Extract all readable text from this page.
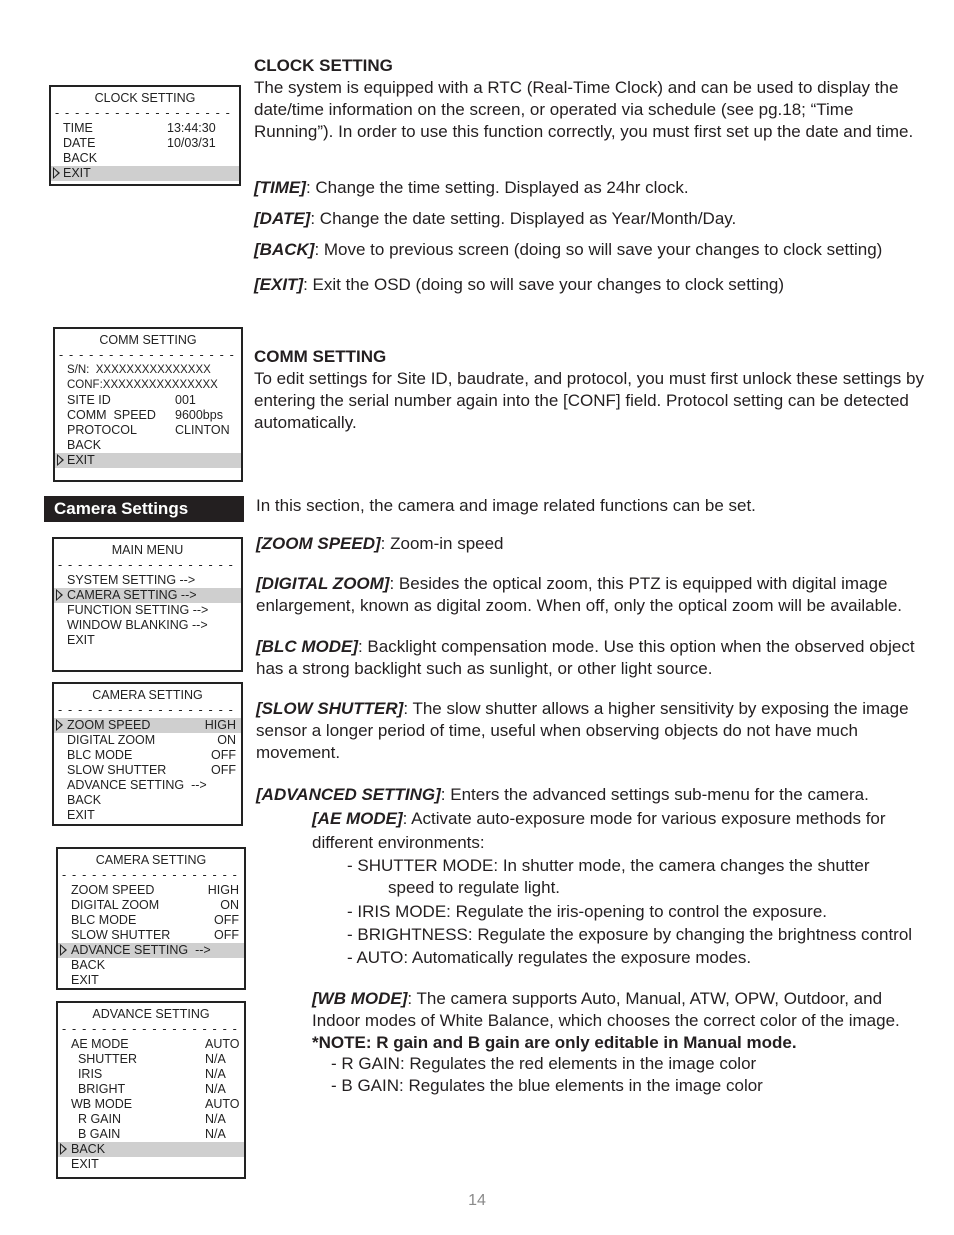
CLOCK SETTING
- - - - - - - - - - - - - - - - - -
TIME	13:44:30
DATE	10/03/31
BACK
EXIT
CLOCK SETTING
The system is equipped with a RTC (Real-Time Clock) and can be used to display the date/time information on the screen, or operated via schedule (see pg.18; “Time Running”). In order to use this function correctly, you must first set up the date and time.
[TIME]: Change the time setting. Displayed as 24hr clock.
[DATE]: Change the date setting. Displayed as Year/Month/Day.
[BACK]: Move to previous screen (doing so will save your changes to clock setting)
[EXIT]: Exit the OSD (doing so will save your changes to clock setting)
COMM SETTING
- - - - - - - - - - - - - - - - - -
S/N:  XXXXXXXXXXXXXXX
CONF:XXXXXXXXXXXXXXX
SITE ID	001
COMM  SPEED 9600bps
PROTOCOL	CLINTON
BACK
EXIT
COMM SETTING
To edit settings for Site ID, baudrate, and protocol, you must first unlock these settings by entering the serial number again into the [CONF] field. Protocol setting can be detected automatically.
Camera Settings	In this section, the camera and image related functions can be set.
MAIN MENU
- - - - - - - - - - - - - - - - - -
SYSTEM SETTING -->
CAMERA SETTING -->
FUNCTION SETTING -->
WINDOW BLANKING -->
EXIT
CAMERA SETTING
- - - - - - - - - - - - - - - - - -
ZOOM SPEED	HIGH
DIGITAL ZOOM	ON
BLC MODE	OFF
SLOW SHUTTER	OFF
ADVANCE SETTING  -->
BACK
EXIT
CAMERA SETTING
- - - - - - - - - - - - - - - - - -
ZOOM SPEED	HIGH
DIGITAL ZOOM	ON
BLC MODE	OFF
SLOW SHUTTER	OFF
ADVANCE SETTING  -->
BACK
EXIT
ADVANCE SETTING
- - - - - - - - - - - - - - - - - -
AE MODE	AUTO
SHUTTER	N/A
IRIS	N/A
BRIGHT	N/A
WB MODE	AUTO
R GAIN	N/A
B GAIN	N/A
BACK
EXIT
[ZOOM SPEED]: Zoom-in speed
[DIGITAL ZOOM]: Besides the optical zoom, this PTZ is equipped with digital image enlargement, known as digital zoom. When off, only the optical zoom will be available.
[BLC MODE]: Backlight compensation mode. Use this option when the observed object has a strong backlight such as sunlight, or other light source.
[SLOW SHUTTER]: The slow shutter allows a higher sensitivity by exposing the image sensor a longer period of time, useful when observing objects do not have much movement.
[ADVANCED SETTING]: Enters the advanced settings sub-menu for the camera.
[AE MODE]: Activate auto-exposure mode for various exposure methods for different environments:
- SHUTTER MODE: In shutter mode, the camera changes the shutter
speed to regulate light.
- IRIS MODE: Regulate the iris-opening to control the exposure.
- BRIGHTNESS: Regulate the exposure by changing the brightness control
- AUTO: Automatically regulates the exposure modes.
[WB MODE]: The camera supports Auto, Manual, ATW, OPW, Outdoor, and Indoor modes of White Balance, which chooses the correct color of the image.
*NOTE: R gain and B gain are only editable in Manual mode.
- R GAIN: Regulates the red elements in the image color
- B GAIN: Regulates the blue elements in the image color
14
